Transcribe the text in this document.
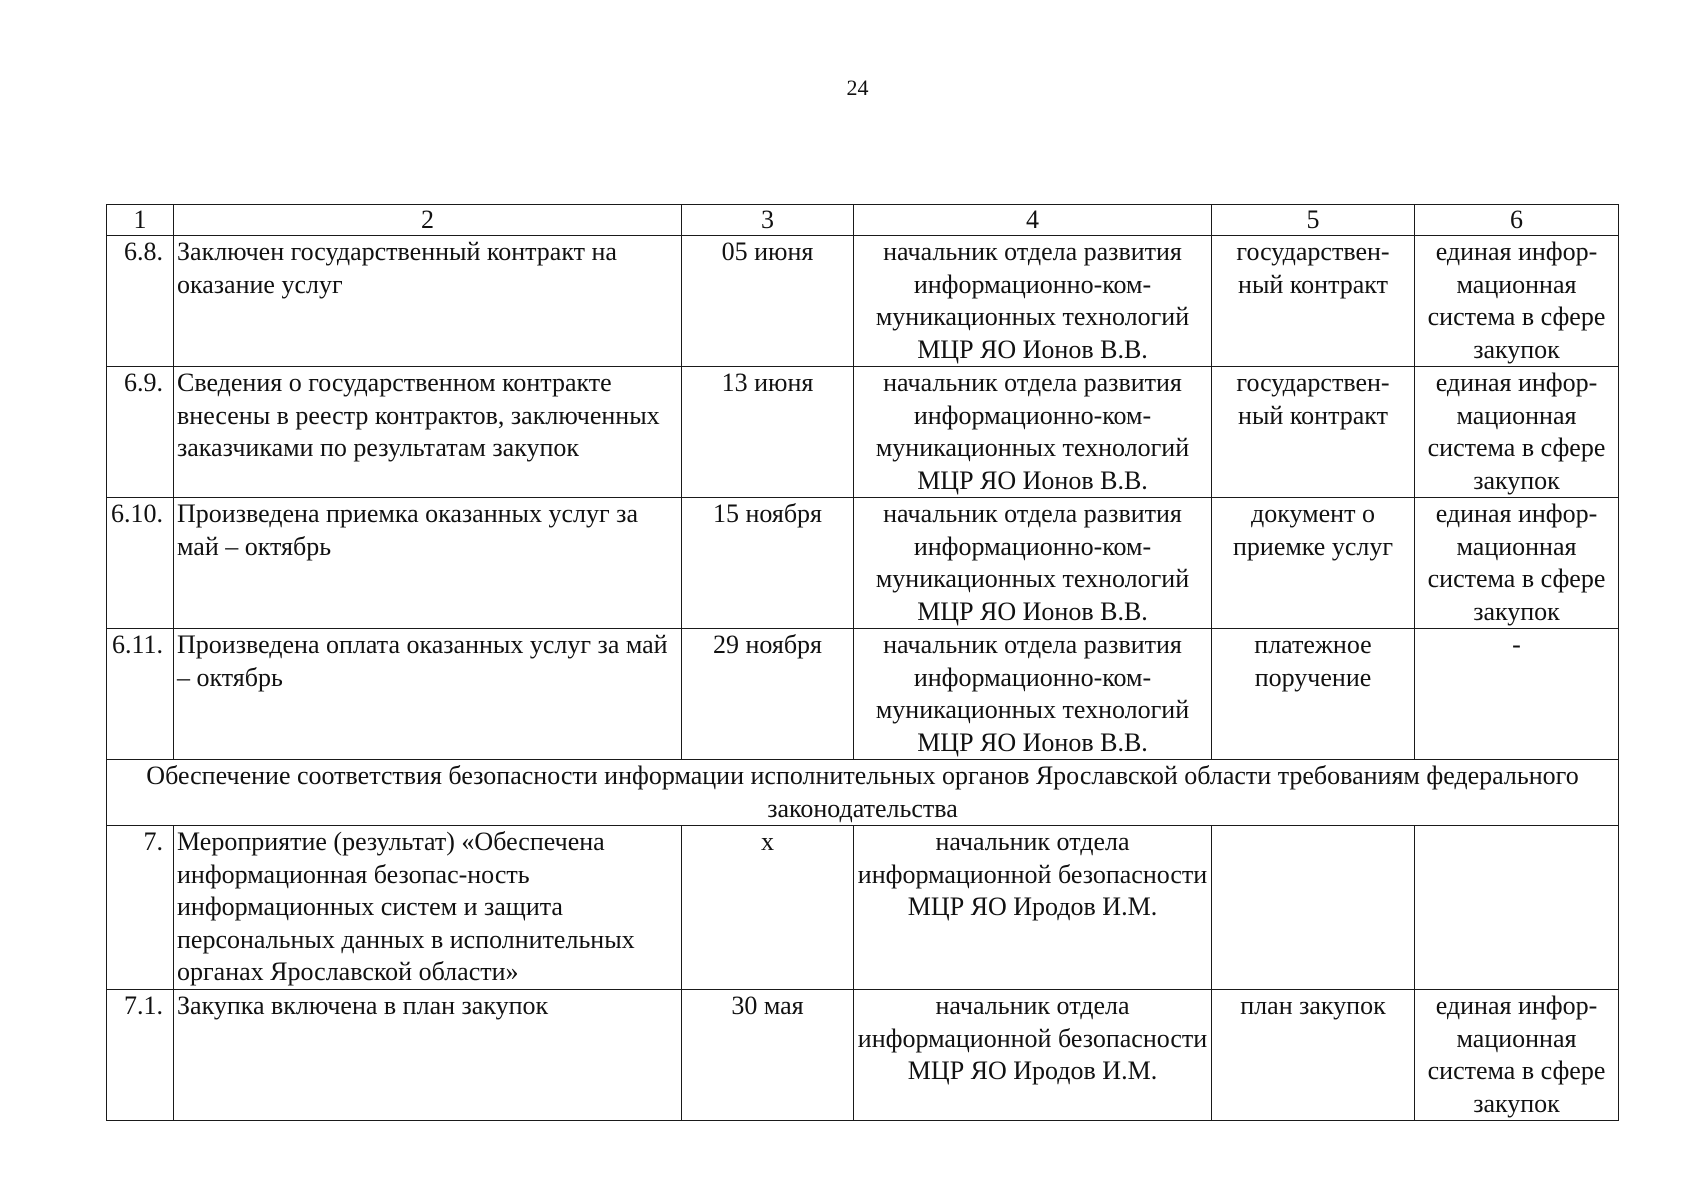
24
1	2	3	4	5	6
6.8.	Заключен государственный контракт на оказание услуг	05 июня	начальник отдела развития информационно-ком-муникационных технологий МЦР ЯО Ионов В.В.	государствен-ный контракт	единая инфор-мационная система в сфере закупок
6.9.	Сведения о государственном контракте внесены в реестр контрактов, заключенных заказчиками по результатам закупок	13 июня	начальник отдела развития информационно-ком-муникационных технологий МЦР ЯО Ионов В.В.	государствен-ный контракт	единая инфор-мационная система в сфере закупок
6.10.	Произведена приемка оказанных услуг за май – октябрь	15 ноября	начальник отдела развития информационно-ком-муникационных технологий МЦР ЯО Ионов В.В.	документ о приемке услуг	единая инфор-мационная система в сфере закупок
6.11.	Произведена оплата оказанных услуг за май – октябрь	29 ноября	начальник отдела развития информационно-ком-муникационных технологий МЦР ЯО Ионов В.В.	платежное поручение	-
Обеспечение соответствия безопасности информации исполнительных органов Ярославской области требованиям федерального законодательства					
7.	Мероприятие (результат) «Обеспечена информационная безопас-ность информационных систем и защита персональных данных в исполнительных органах Ярославской области»	х	начальник отдела информационной безопасности МЦР ЯО Иродов И.М.		
7.1.	Закупка включена в план закупок	30 мая	начальник отдела информационной безопасности МЦР ЯО Иродов И.М.	план закупок	единая инфор-мационная система в сфере закупок
